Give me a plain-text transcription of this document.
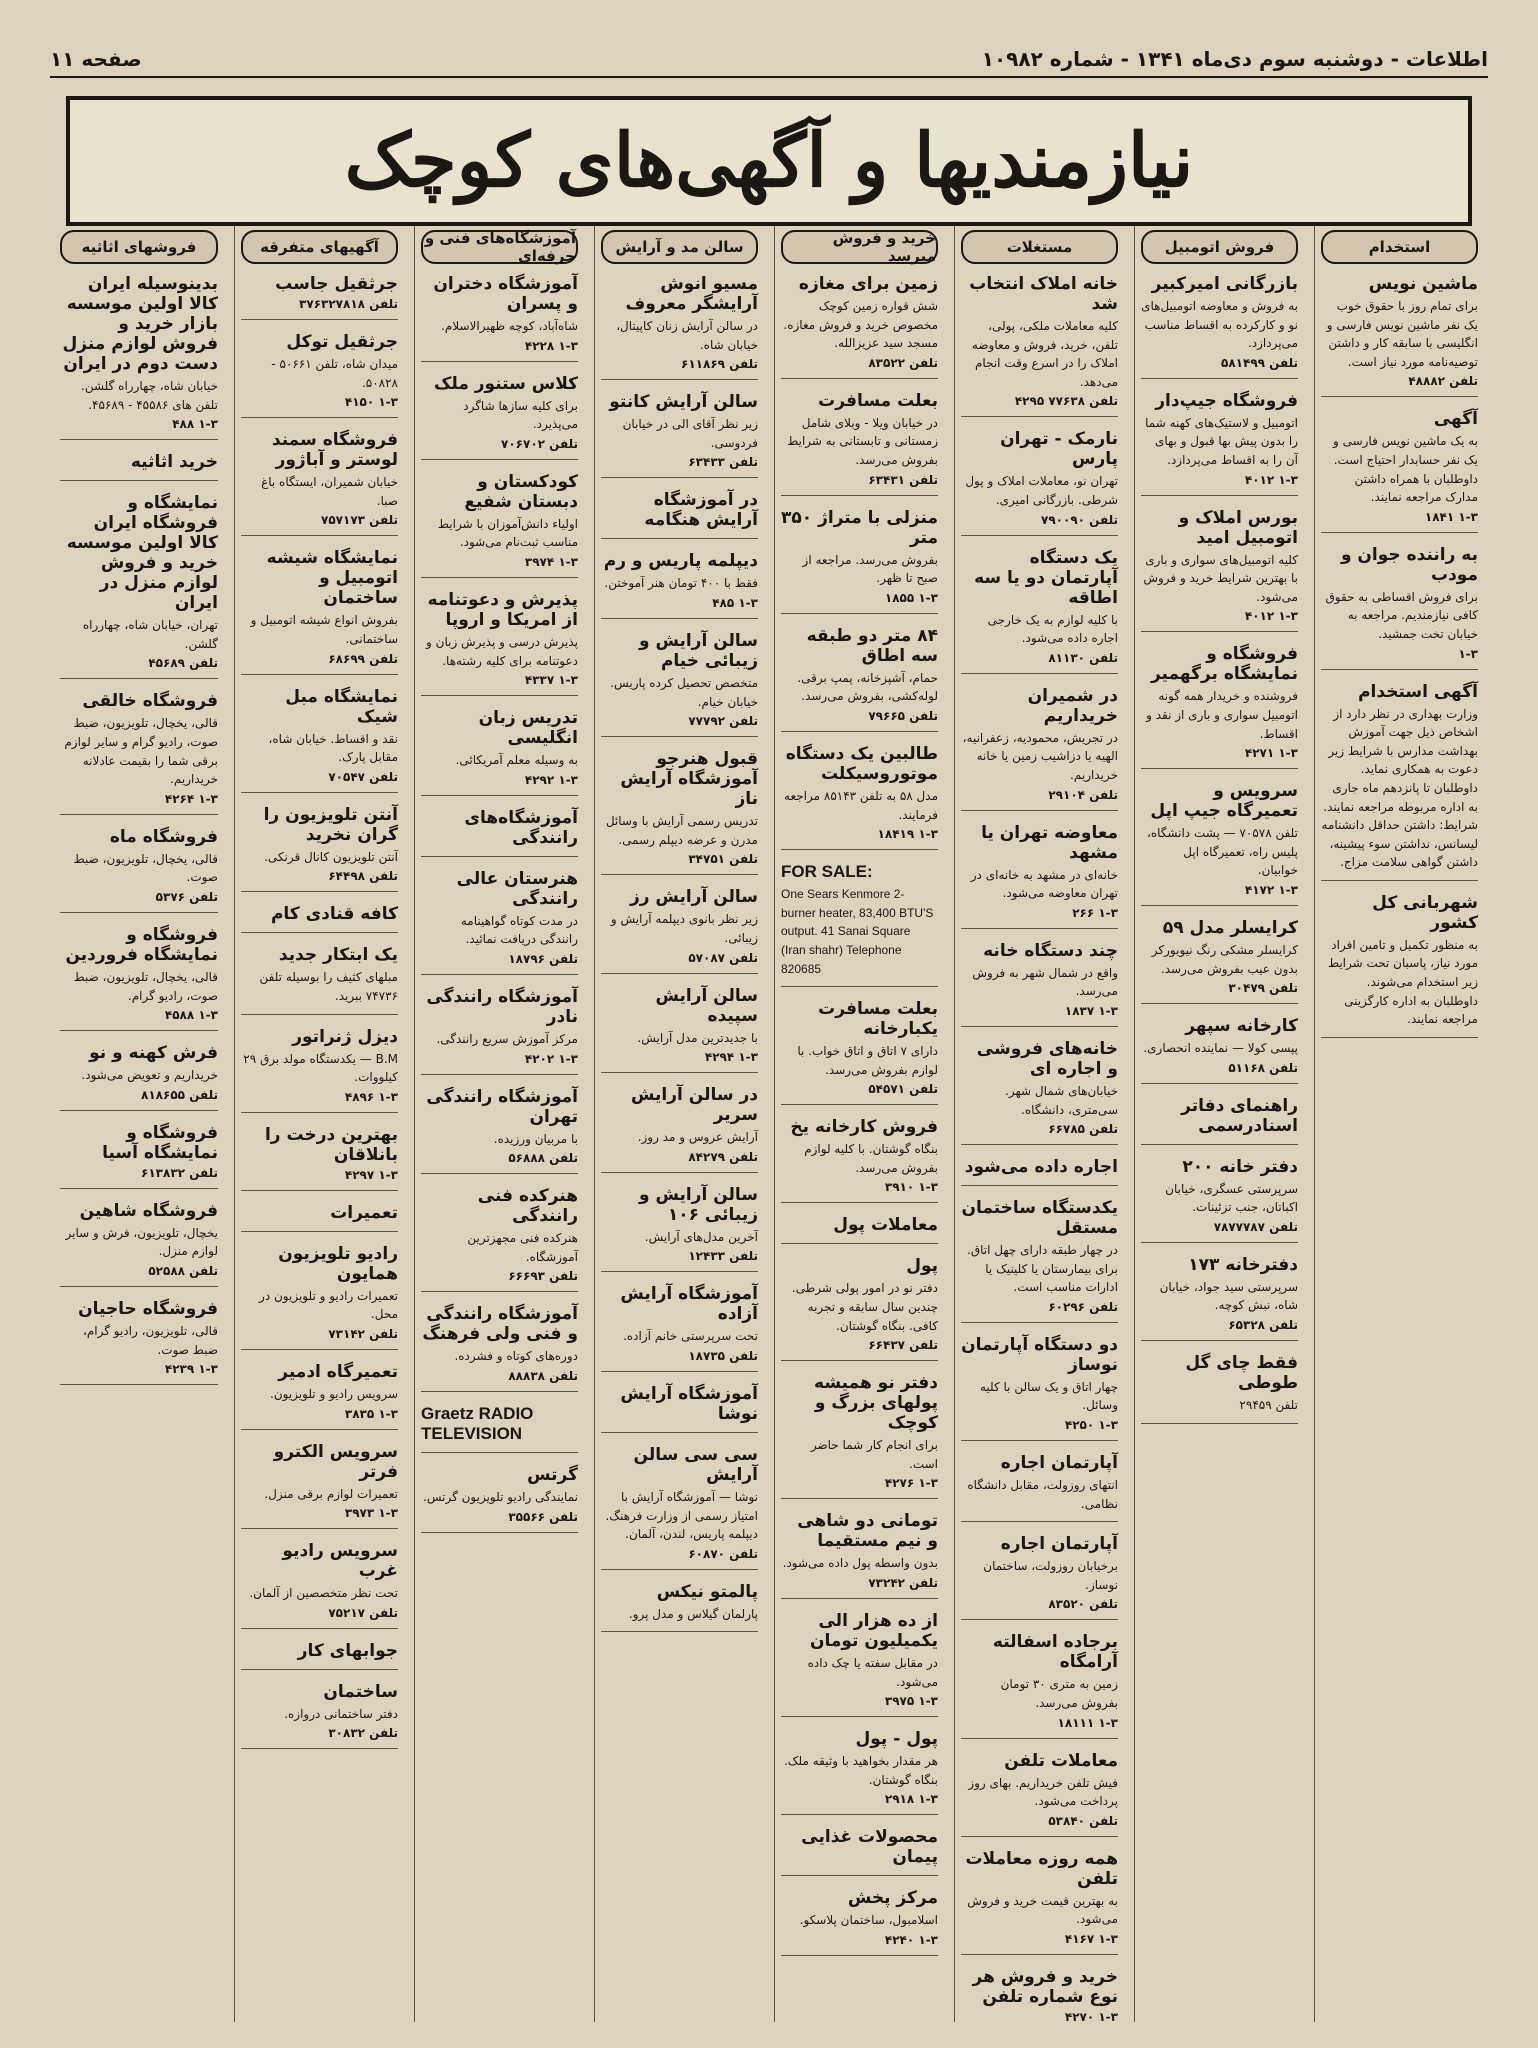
اطلاعات - دوشنبه سوم دی‌ماه ۱۳۴۱ - شماره ۱۰۹۸۲
صفحه ۱۱
نیازمندیها و آگهی‌های کوچک
استخدام
ماشین نویس
برای تمام روز با حقوق خوب یک نفر ماشین نویس فارسی و انگلیسی با سابقه کار و داشتن توصیه‌نامه مورد نیاز است.
تلفن ۴۸۸۸۲
آگهی
به یک ماشین نویس فارسی و یک نفر حسابدار احتیاج است. داوطلبان با همراه داشتن مدارک مراجعه نمایند.
۱-۳ ۱۸۴۱
به راننده جوان و مودب
برای فروش اقساطی به حقوق کافی نیازمندیم. مراجعه به خیابان تخت جمشید.
۱-۳
آگهی استخدام
وزارت بهداری در نظر دارد از اشخاص ذیل جهت آموزش بهداشت مدارس با شرایط زیر دعوت به همکاری نماید. داوطلبان تا پانزدهم ماه جاری به اداره مربوطه مراجعه نمایند. شرایط: داشتن حداقل دانشنامه لیسانس، نداشتن سوء پیشینه، داشتن گواهی سلامت مزاج.
شهربانی کل کشور
به منظور تکمیل و تامین افراد مورد نیاز، پاسبان تحت شرایط زیر استخدام می‌شوند. داوطلبان به اداره کارگزینی مراجعه نمایند.
فروش اتومبیل
بازرگانی امیرکبیر
به فروش و معاوضه اتومبیل‌های نو و کارکرده به اقساط مناسب می‌پردازد.
تلفن ۵۸۱۴۹۹
فروشگاه جیپ‌دار
اتومبیل و لاستیک‌های کهنه شما را بدون پیش بها قبول و بهای آن را به اقساط می‌پردازد.
۱-۳ ۴۰۱۲
بورس املاک و اتومبیل امید
کلیه اتومبیل‌های سواری و باری با بهترین شرایط خرید و فروش می‌شود.
۱-۳ ۴۰۱۲
فروشگاه و نمایشگاه برگهمیر
فروشنده و خریدار همه گونه اتومبیل سواری و باری از نقد و اقساط.
۱-۳ ۴۲۷۱
سرویس و تعمیرگاه جیپ اپل
تلفن ۷۰۵۷۸ — پشت دانشگاه، پلیس راه، تعمیرگاه اپل خوابیان.
۱-۳ ۴۱۷۲
کرایسلر مدل ۵۹
کرایسلر مشکی رنگ نیویورکر بدون عیب بفروش می‌رسد.
تلفن ۳۰۴۷۹
کارخانه سپهر
پپسی کولا — نماینده انحصاری.
تلفن ۵۱۱۶۸
راهنمای دفاتر اسنادرسمی
دفتر خانه ۲۰۰
سرپرستی عسگری، خیابان اکباتان، جنب تزئینات.
تلفن ۷۸۷۷۷۸۷
دفترخانه ۱۷۳
سرپرستی سید جواد، خیابان شاه، نبش کوچه.
تلفن ۶۵۳۲۸
فقط چای گل طوطی
تلفن ۲۹۴۵۹
مستغلات
خانه املاک انتخاب شد
کلیه معاملات ملکی، پولی، تلفن، خرید، فروش و معاوضه املاک را در اسرع وقت انجام می‌دهد.
تلفن ۷۷۶۳۸ ۴۲۹۵
نارمک - تهران پارس
تهران نو، معاملات املاک و پول شرطی. بازرگانی امیری.
تلفن ۷۹۰۰۹۰
یک دستگاه آپارتمان دو یا سه اطاقه
با کلیه لوازم به یک خارجی اجاره داده می‌شود.
تلفن ۸۱۱۳۰
در شمیران خریداریم
در تجریش، محمودیه، زعفرانیه، الهیه یا دزاشیب زمین یا خانه خریداریم.
تلفن ۲۹۱۰۴
معاوضه تهران یا مشهد
خانه‌ای در مشهد به خانه‌ای در تهران معاوضه می‌شود.
۱-۳ ۲۶۶
چند دستگاه خانه
واقع در شمال شهر به فروش می‌رسد.
۱-۳ ۱۸۳۷
خانه‌های فروشی و اجاره ای
خیابان‌های شمال شهر. سی‌متری، دانشگاه.
تلفن ۶۶۷۸۵
اجاره داده می‌شود
یکدستگاه ساختمان مستقل
در چهار طبقه دارای چهل اتاق. برای بیمارستان یا کلینیک یا ادارات مناسب است.
تلفن ۶۰۲۹۶
دو دستگاه آپارتمان نوساز
چهار اتاق و یک سالن با کلیه وسائل.
۱-۳ ۴۲۵۰
آپارتمان اجاره
انتهای روزولت، مقابل دانشگاه نظامی.
آپارتمان اجاره
برخیابان روزولت، ساختمان نوساز.
تلفن ۸۳۵۲۰
برجاده اسفالته آرامگاه
زمین به متری ۳۰ تومان بفروش می‌رسد.
۱-۳ ۱۸۱۱۱
معاملات تلفن
فیش تلفن خریداریم. بهای روز پرداخت می‌شود.
تلفن ۵۳۸۴۰
همه روزه معاملات تلفن
به بهترین قیمت خرید و فروش می‌شود.
۱-۳ ۴۱۶۷
خرید و فروش هر نوع شماره تلفن
۱-۳ ۴۲۷۰
خرید و فروش میرسد
زمین برای مغازه
شش قواره زمین کوچک مخصوص خرید و فروش مغازه. مسجد سید عزیزالله.
تلفن ۸۳۵۲۲
بعلت مسافرت
در خیابان ویلا - وبلای شامل زمستانی و تابستانی به شرایط بفروش می‌رسد.
تلفن ۶۳۴۳۱
منزلی با متراژ ۳۵۰ متر
بفروش می‌رسد. مراجعه از صبح تا ظهر.
۱-۳ ۱۸۵۵
۸۴ متر دو طبقه سه اطاق
حمام، آشپزخانه، پمپ برقی. لوله‌کشی، بفروش می‌رسد.
تلفن ۷۹۶۶۵
طالبین یک دستگاه موتوروسیکلت
مدل ۵۸ به تلفن ۸۵۱۴۳ مراجعه فرمایند.
۱-۳ ۱۸۴۱۹
FOR SALE:
One Sears Kenmore 2-burner heater, 83,400 BTU'S output. 41 Sanai Square (Iran shahr) Telephone 820685
بعلت مسافرت یکبارخانه
دارای ۷ اتاق و اتاق خواب. با لوازم بفروش می‌رسد.
تلفن ۵۴۵۷۱
فروش کارخانه یخ
بنگاه گوشتان. با کلیه لوازم بفروش می‌رسد.
۱-۳ ۳۹۱۰
معاملات پول
پول
دفتر نو در امور پولی شرطی. چندین سال سابقه و تجربه کافی. بنگاه گوشتان.
تلفن ۶۶۴۳۷
دفتر نو همیشه پولهای بزرگ و کوچک
برای انجام کار شما حاضر است.
۱-۳ ۴۲۷۶
تومانی دو شاهی و نیم مستقیما
بدون واسطه پول داده می‌شود.
تلفن ۷۳۲۴۲
از ده هزار الی یکمیلیون تومان
در مقابل سفته یا چک داده می‌شود.
۱-۳ ۳۹۷۵
پول - پول
هر مقدار بخواهید با وثیقه ملک. بنگاه گوشتان.
۱-۳ ۲۹۱۸
محصولات غذایی پیمان
مرکز پخش
اسلامبول، ساختمان پلاسکو.
۱-۳ ۴۲۴۰
سالن مد و آرایش
مسیو انوش آرایشگر معروف
در سالن آرایش زنان کاپیتال، خیابان شاه.
تلفن ۶۱۱۸۶۹
سالن آرایش کانتو
زیر نظر آقای الی در خیابان فردوسی.
تلفن ۶۳۴۳۳
در آموزشگاه آرایش هنگامه
دیپلمه پاریس و رم
فقط با ۴۰۰ تومان هنر آموختن.
۱-۳ ۴۸۵
سالن آرایش و زیبائی خیام
متخصص تحصیل کرده پاریس. خیابان خیام.
تلفن ۷۷۷۹۲
قبول هنرجو آموزشگاه آرایش ناز
تدریس رسمی آرایش با وسائل مدرن و عرضه دیپلم رسمی.
تلفن ۳۴۷۵۱
سالن آرایش رز
زیر نظر بانوی دیپلمه آرایش و زیبائی.
تلفن ۵۷۰۸۷
سالن آرایش سپیده
با جدیدترین مدل آرایش.
۱-۳ ۴۲۹۴
در سالن آرایش سریر
آرایش عروس و مد روز.
تلفن ۸۴۲۷۹
سالن آرایش و زیبائی ۱۰۶
آخرین مدل‌های آرایش.
تلفن ۱۲۴۳۳
آموزشگاه آرایش آزاده
تحت سرپرستی خانم آزاده.
تلفن ۱۸۷۳۵
آموزشگاه آرایش نوشا
سی سی سالن آرایش
نوشا — آموزشگاه آرایش با امتیاز رسمی از وزارت فرهنگ. دیپلمه پاریس، لندن، آلمان.
تلفن ۶۰۸۷۰
پالمتو نیکس
پارلمان گیلاس و مدل پرو.
آموزشگاه‌های فنی و حرفه‌ای
آموزشگاه دختران و پسران
شاه‌آباد، کوچه ظهیرالاسلام.
۱-۳ ۴۲۲۸
کلاس ستنور ملک
برای کلیه سازها شاگرد می‌پذیرد.
تلفن ۷۰۶۷۰۲
کودکستان و دبستان شفیع
اولیاء دانش‌آموزان با شرایط مناسب ثبت‌نام می‌شود.
۱-۳ ۳۹۷۴
پذیرش و دعوتنامه از امریکا و اروپا
پذیرش درسی و پذیرش زبان و دعوتنامه برای کلیه رشته‌ها.
۱-۳ ۴۳۳۷
تدریس زبان انگلیسی
به وسیله معلم آمریکائی.
۱-۳ ۴۲۹۲
آموزشگاه‌های رانندگی
هنرستان عالی رانندگی
در مدت کوتاه گواهینامه رانندگی دریافت نمائید.
تلفن ۱۸۷۹۶
آموزشگاه رانندگی نادر
مرکز آموزش سریع رانندگی.
۱-۳ ۴۲۰۲
آموزشگاه رانندگی تهران
با مربیان ورزیده.
تلفن ۵۶۸۸۸
هنرکده فنی رانندگی
هنرکده فنی مجهزترین آموزشگاه.
تلفن ۶۶۶۹۳
آموزشگاه رانندگی و فنی ولی فرهنگ
دوره‌های کوتاه و فشرده.
تلفن ۸۸۸۳۸
Graetz RADIO TELEVISION
گرتس
نمایندگی رادیو تلویزیون گرتس.
تلفن ۳۵۵۶۶
آگهیهای متفرقه
جرثقیل جاسب
تلفن ۳۷۶۳۲۷۸۱۸
جرثقیل توکل
میدان شاه، تلفن ۵۰۶۶۱ - ۵۰۸۲۸.
۱-۳ ۴۱۵۰
فروشگاه سمند لوستر و آباژور
خیابان شمیران، ایستگاه باغ صبا.
تلفن ۷۵۷۱۷۳
نمایشگاه شیشه اتومبیل و ساختمان
بفروش انواع شیشه اتومبیل و ساختمانی.
تلفن ۶۸۶۹۹
نمایشگاه مبل شیک
نقد و اقساط. خیابان شاه، مقابل پارک.
تلفن ۷۰۵۴۷
آنتن تلویزیون را گران نخرید
آنتن تلویزیون کانال قرنکی.
تلفن ۶۴۴۹۸
کافه قنادی کام
یک ابتکار جدید
مبلهای کثیف را بوسیله تلفن ۷۴۷۳۶ ببرید.
دیزل ژنراتور
B.M — یکدستگاه مولد برق ۲۹ کیلووات.
۱-۳ ۴۸۹۶
بهترین درخت را بانلاقان
۱-۳ ۴۲۹۷
تعمیرات
رادیو تلویزیون همایون
تعمیرات رادیو و تلویزیون در محل.
تلفن ۷۳۱۴۲
تعمیرگاه ادمیر
سرویس رادیو و تلویزیون.
۱-۳ ۳۸۳۵
سرویس الکترو فرتر
تعمیرات لوازم برقی منزل.
۱-۳ ۳۹۷۳
سرویس رادیو غرب
تحت نظر متخصصین از آلمان.
تلفن ۷۵۲۱۷
جوابهای کار
ساختمان
دفتر ساختمانی دروازه.
تلفن ۳۰۸۳۲
فروشهای اثاثیه
بدینوسیله ایران کالا اولین موسسه بازار خرید و فروش لوازم منزل دست دوم در ایران
خیابان شاه، چهارراه گلشن. تلفن های ۴۵۵۸۶ - ۴۵۶۸۹.
۱-۳ ۴۸۸
خرید اثاثیه
نمایشگاه و فروشگاه ایران کالا اولین موسسه خرید و فروش لوازم منزل در ایران
تهران، خیابان شاه، چهارراه گلشن.
تلفن ۴۵۶۸۹
فروشگاه خالقی
قالی، یخچال، تلویزیون، ضبط صوت، رادیو گرام و سایر لوازم برقی شما را بقیمت عادلانه خریداریم.
۱-۳ ۴۲۶۴
فروشگاه ماه
قالی، یخچال، تلویزیون، ضبط صوت.
تلفن ۵۳۷۶
فروشگاه و نمایشگاه فروردین
قالی، یخچال، تلویزیون، ضبط صوت، رادیو گرام.
۱-۳ ۴۵۸۸
فرش کهنه و نو
خریداریم و تعویض می‌شود.
تلفن ۸۱۸۶۵۵
فروشگاه و نمایشگاه آسیا
تلفن ۶۱۳۸۳۲
فروشگاه شاهین
یخچال، تلویزیون، فرش و سایر لوازم منزل.
تلفن ۵۲۵۸۸
فروشگاه حاجیان
قالی، تلویزیون، رادیو گرام، ضبط صوت.
۱-۳ ۴۲۳۹
